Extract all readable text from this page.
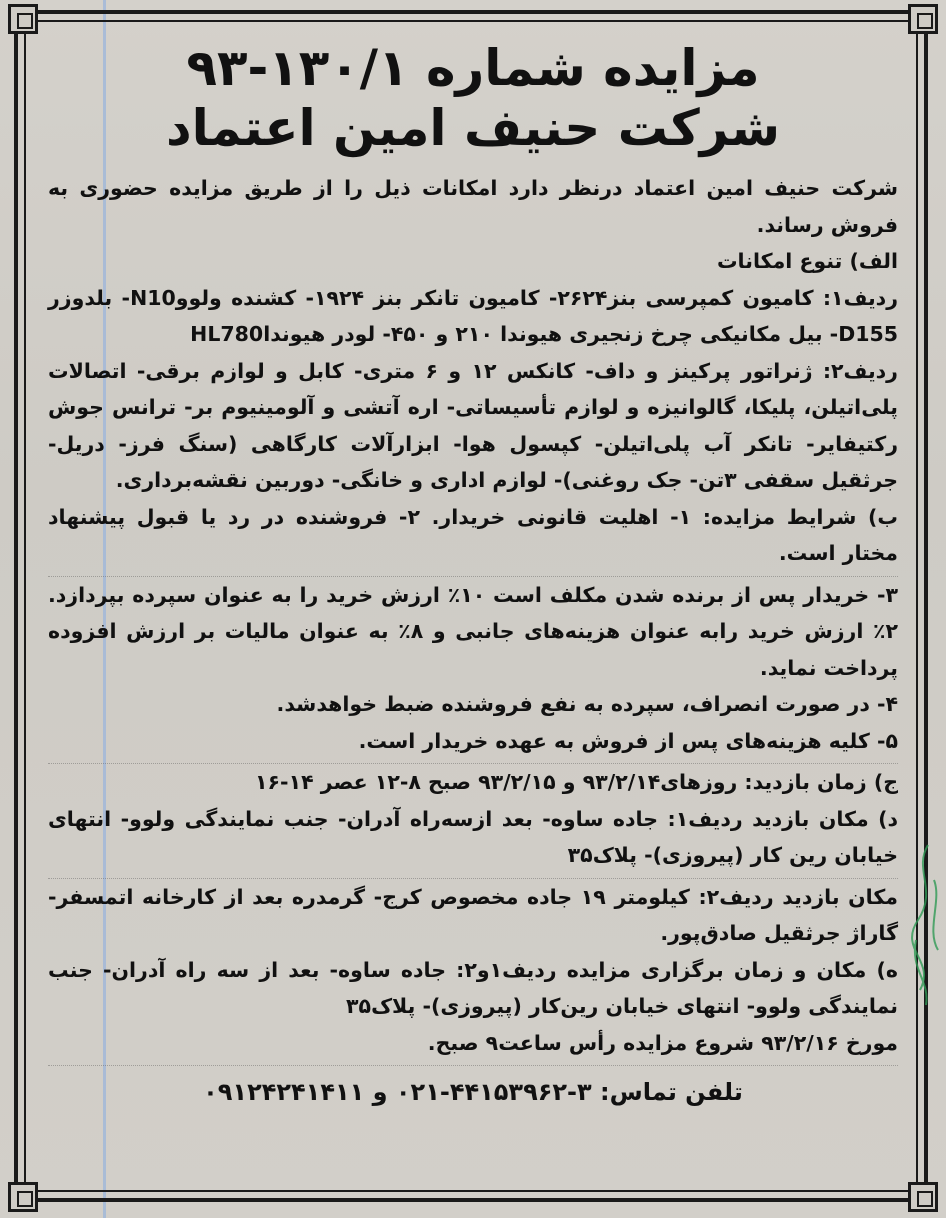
مزایده شماره ۱۳۰/۱-۹۳
شرکت حنیف امین اعتماد

شرکت حنیف امین اعتماد درنظر دارد امکانات ذیل را از طریق مزایده حضوری به فروش رساند.

الف) تنوع امکانات

ردیف۱: کامیون کمپرسی بنز۲۶۲۴- کامیون تانکر بنز ۱۹۲۴- کشنده ولووN10- بلدوزر D155- بیل مکانیکی چرخ زنجیری هیوندا ۲۱۰ و ۴۵۰- لودر هیونداHL780

ردیف۲: ژنراتور پرکینز و داف- کانکس ۱۲ و ۶ متری- کابل و لوازم برقی- اتصالات پلی‌اتیلن، پلیکا، گالوانیزه و لوازم تأسیساتی- اره آتشی و آلومینیوم بر- ترانس جوش رکتیفایر- تانکر آب پلی‌اتیلن- کپسول هوا- ابزارآلات کارگاهی (سنگ فرز- دریل- جرثقیل سقفی ۳تن- جک روغنی)- لوازم اداری و خانگی- دوربین نقشه‌برداری.

ب) شرایط مزایده: ۱- اهلیت قانونی خریدار. ۲- فروشنده در رد یا قبول پیشنهاد مختار است.

۳- خریدار پس از برنده شدن مکلف است ۱۰٪ ارزش خرید را به عنوان سپرده بپردازد. ۲٪ ارزش خرید رابه عنوان هزینه‌های جانبی و ۸٪ به عنوان مالیات بر ارزش افزوده پرداخت نماید.

۴- در صورت انصراف، سپرده به نفع فروشنده ضبط خواهدشد.

۵- کلیه هزینه‌های پس از فروش به عهده خریدار است.

ج) زمان بازدید: روزهای۹۳/۲/۱۴ و ۹۳/۲/۱۵ صبح ۸-۱۲ عصر ۱۴-۱۶

د) مکان بازدید ردیف۱: جاده ساوه- بعد ازسه‌راه آدران- جنب نمایندگی ولوو- انتهای خیابان رین کار (پیروزی)- پلاک۳۵

مکان بازدید ردیف۲: کیلومتر ۱۹ جاده مخصوص کرج- گرمدره بعد از کارخانه اتمسفر- گاراژ جرثقیل صادق‌پور.

ه) مکان و زمان برگزاری مزایده ردیف۱و۲: جاده ساوه- بعد از سه راه آدران- جنب نمایندگی ولوو- انتهای خیابان رین‌کار (پیروزی)- پلاک۳۵

مورخ ۹۳/۲/۱۶ شروع مزایده رأس ساعت۹ صبح.

تلفن تماس: ۳-۴۴۱۵۳۹۶۲-۰۲۱ و ۰۹۱۲۴۲۴۱۴۱۱
